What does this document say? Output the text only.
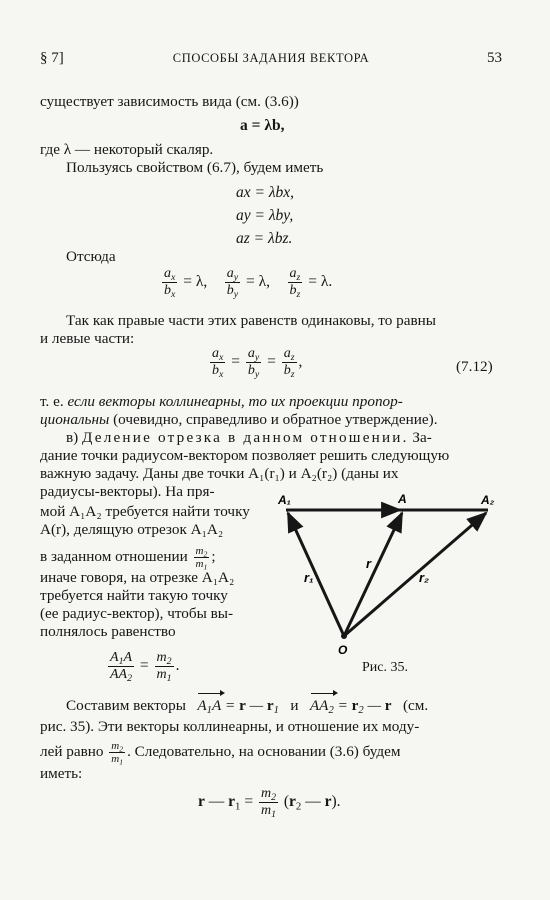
§ 7]	СПОСОБЫ ЗАДАНИЯ ВЕКТОРА	53
существует зависимость вида (см. (3.6))
a = λb,
где λ — некоторый скаляр.
Пользуясь свойством (6.7), будем иметь
ax = λbx,
ay = λby,
az = λbz.
Отсюда
$\frac{a_x}{b_x} = \lambda$, $\frac{a_y}{b_y} = \lambda$, $\frac{a_z}{b_z} = \lambda$.
Так как правые части этих равенств одинаковы, то равны
и левые части:
$\frac{a_x}{b_x} = \frac{a_y}{b_y} = \frac{a_z}{b_z}$ ,	(7.12)
т. е. если векторы коллинеарны, то их проекции пропор-
циональны (очевидно, справедливо и обратное утверждение).
в) Деление отрезка в данном отношении. За-
дание точки радиусом-вектором позволяет решить следующую
важную задачу. Даны две точки A₁(r₁) и A₂(r₂) (даны их
радиусы-векторы). На пря-
мой A₁A₂ требуется найти точку
A(r), делящую отрезок A₁A₂
в заданном отношении $\frac{m_2}{m_1}$ ;
иначе говоря, на отрезке A₁A₂
требуется найти такую точку
(ее радиус-вектор), чтобы вы-
полнялось равенство
$\frac{A_1A}{AA_2} = \frac{m_2}{m_1}$ .
A₁	A	A₂
O
r₁
r
r₂
Рис. 35.
Составим векторы $A_1A = r$ — $r_1$ и $AA_2 = r_2$ — r (см.
рис. 35). Эти векторы коллинеарны, и отношение их моду-
лей равно $\frac{m_2}{m_1}$ . Следовательно, на основании (3.6) будем
иметь:
r — $r_1 = \frac{m_2}{m_1} (r_2$ — r).
